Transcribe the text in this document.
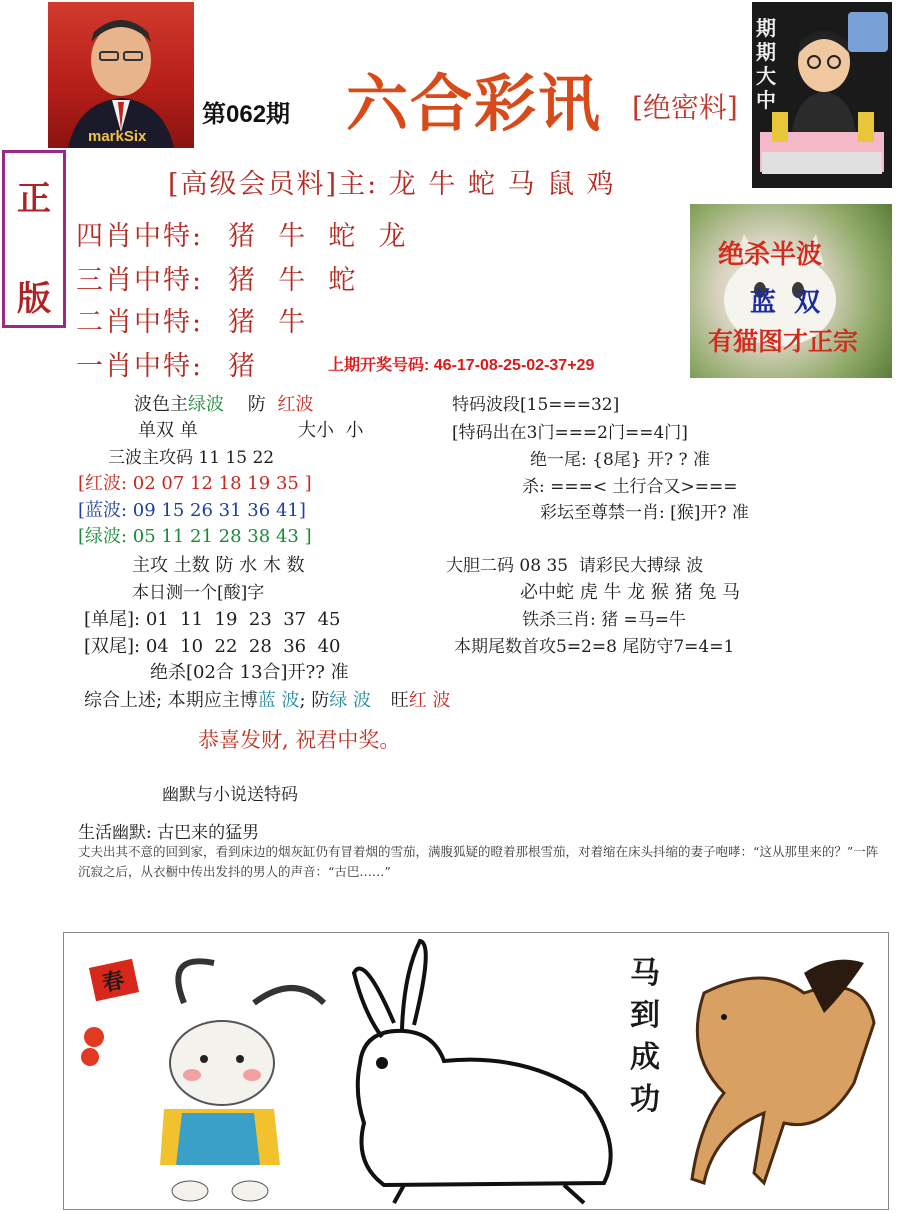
markSix
期期大中
第062期 六合彩讯 [绝密料]
正
版
[高级会员料]主: 龙 牛 蛇 马 鼠 鸡
四肖中特: 猪  牛  蛇  龙
三肖中特: 猪  牛  蛇
二肖中特: 猪  牛
一肖中特: 猪	上期开奖号码: 46-17-08-25-02-37+29
绝杀半波
蓝  双
有猫图才正宗
波色主绿波 防 红波
单双 单	大小  小
三波主攻码 11 15 22
[红波: 02 07 12 18 19 35 ]
[蓝波: 09 15 26 31 36 41]
[绿波: 05 11 21 28 38 43 ]
主攻 土数 防 水 木 数
本日测一个[酸]字
[单尾]: 01  11  19  23  37  45
[双尾]: 04  10  22  28  36  40
绝杀[02合 13合]开?? 准
特码波段[15===32]
[特码出在3门===2门==4门]
绝一尾: {8尾} 开? ? 准
杀: ===< 土行合又>===
彩坛至尊禁一肖: [猴]开? 准
大胆二码 08 35  请彩民大搏绿 波
必中蛇 虎 牛 龙 猴 猪 兔 马
铁杀三肖: 猪 =马=牛
本期尾数首攻5=2=8 尾防守7=4=1
综合上述; 本期应主博蓝 波; 防绿 波 旺红 波
恭喜发财, 祝君中奖。
幽默与小说送特码
生活幽默: 古巴来的猛男
丈夫出其不意的回到家，看到床边的烟灰缸仍有冒着烟的雪茄，满腹狐疑的瞪着那根雪茄，对着缩在床头抖缩的妻子咆哮：“这从那里来的？”一阵沉寂之后，从衣橱中传出发抖的男人的声音：“古巴……”
春	马到成功
